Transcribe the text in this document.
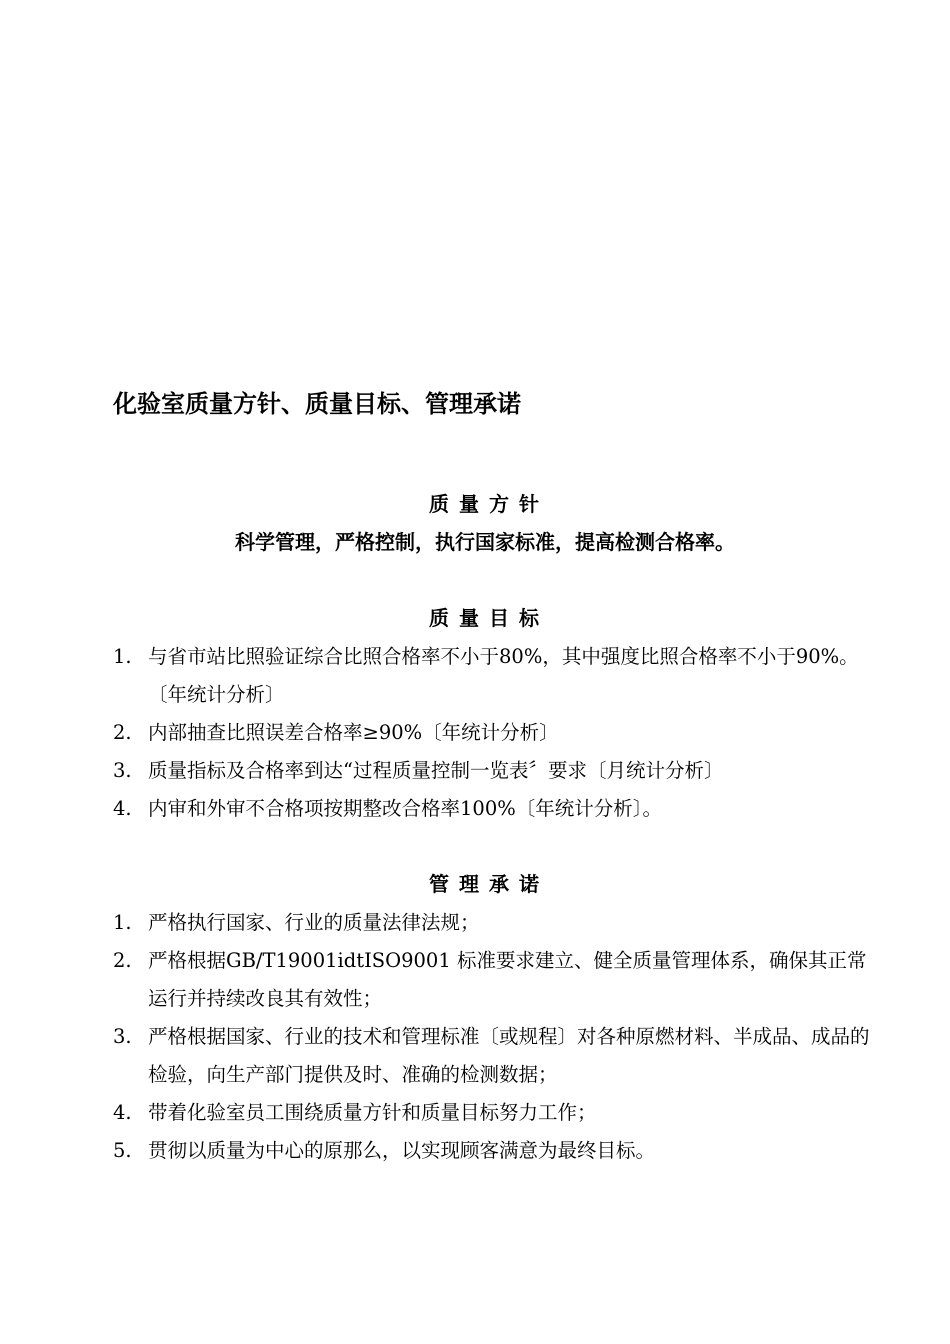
化验室质量方针、质量目标、管理承诺
质量方针

科学管理，严格控制，执行国家标准，提高检测合格率。

质量目标
1. 与省市站比照验证综合比照合格率不小于80%，其中强度比照合格率不小于90%。〔年统计分析〕
2. 内部抽查比照误差合格率≥90%〔年统计分析〕
3. 质量指标及合格率到达“过程质量控制一览表〞要求〔月统计分析〕
4. 内审和外审不合格项按期整改合格率100%〔年统计分析〕。
管理承诺
1. 严格执行国家、行业的质量法律法规；
2. 严格根据GB/T19001idtISO9001 标准要求建立、健全质量管理体系，确保其正常运行并持续改良其有效性；
3. 严格根据国家、行业的技术和管理标准〔或规程〕对各种原燃材料、半成品、成品的检验，向生产部门提供及时、准确的检测数据；
4. 带着化验室员工围绕质量方针和质量目标努力工作；
5. 贯彻以质量为中心的原那么，以实现顾客满意为最终目标。
